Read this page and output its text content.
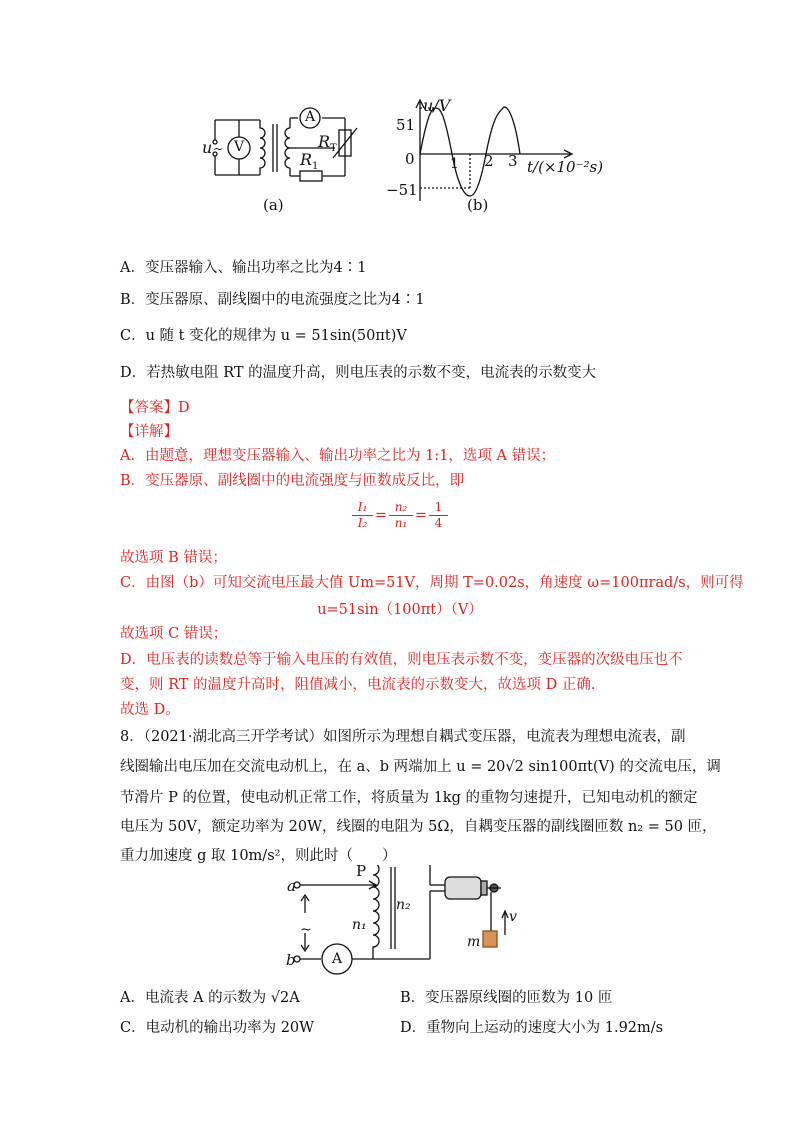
u ~ V
A
$R_T$
$R_1$
(a)
u/V
51
0
−51
1 2 3 t/(×10⁻²s)
(b)
A．变压器输入、输出功率之比为4∶1
B．变压器原、副线圈中的电流强度之比为4∶1
C．u 随 t 变化的规律为 u = 51sin(50πt)V
D．若热敏电阻 RT 的温度升高，则电压表的示数不变，电流表的示数变大
【答案】D
【详解】
A．由题意，理想变压器输入、输出功率之比为 1:1，选项 A 错误；
B．变压器原、副线圈中的电流强度与匝数成反比，即
$\frac{\text{I₁}}{\text{I₂}} = \frac{\text{n₂}}{\text{n₁}} = \frac{1}{4}$
故选项 B 错误；
C．由图（b）可知交流电压最大值 Um=51V，周期 T=0.02s，角速度 ω=100πrad/s，则可得
u=51sin（100πt）（V）
故选项 C 错误；
D．电压表的读数总等于输入电压的有效值，则电压表示数不变，变压器的次级电压也不
变，则 RT 的温度升高时，阻值减小，电流表的示数变大，故选项 D 正确.
故选 D。
8．（2021·湖北高三开学考试）如图所示为理想自耦式变压器，电流表为理想电流表，副
线圈输出电压加在交流电动机上，在 a、b 两端加上 u = 20√2 sin100πt(V) 的交流电压，调
节滑片 P 的位置，使电动机正常工作，将质量为 1kg 的重物匀速提升，已知电动机的额定
电压为 50V，额定功率为 20W，线圈的电阻为 5Ω，自耦变压器的副线圈匝数 n₂ = 50 匝，
重力加速度 g 取 10m/s²，则此时（　　）
a
b
~
P
n₁
n₂
m
v
A
A．电流表 A 的示数为 √2A	B．变压器原线圈的匝数为 10 匝
C．电动机的输出功率为 20W	D．重物向上运动的速度大小为 1.92m/s
